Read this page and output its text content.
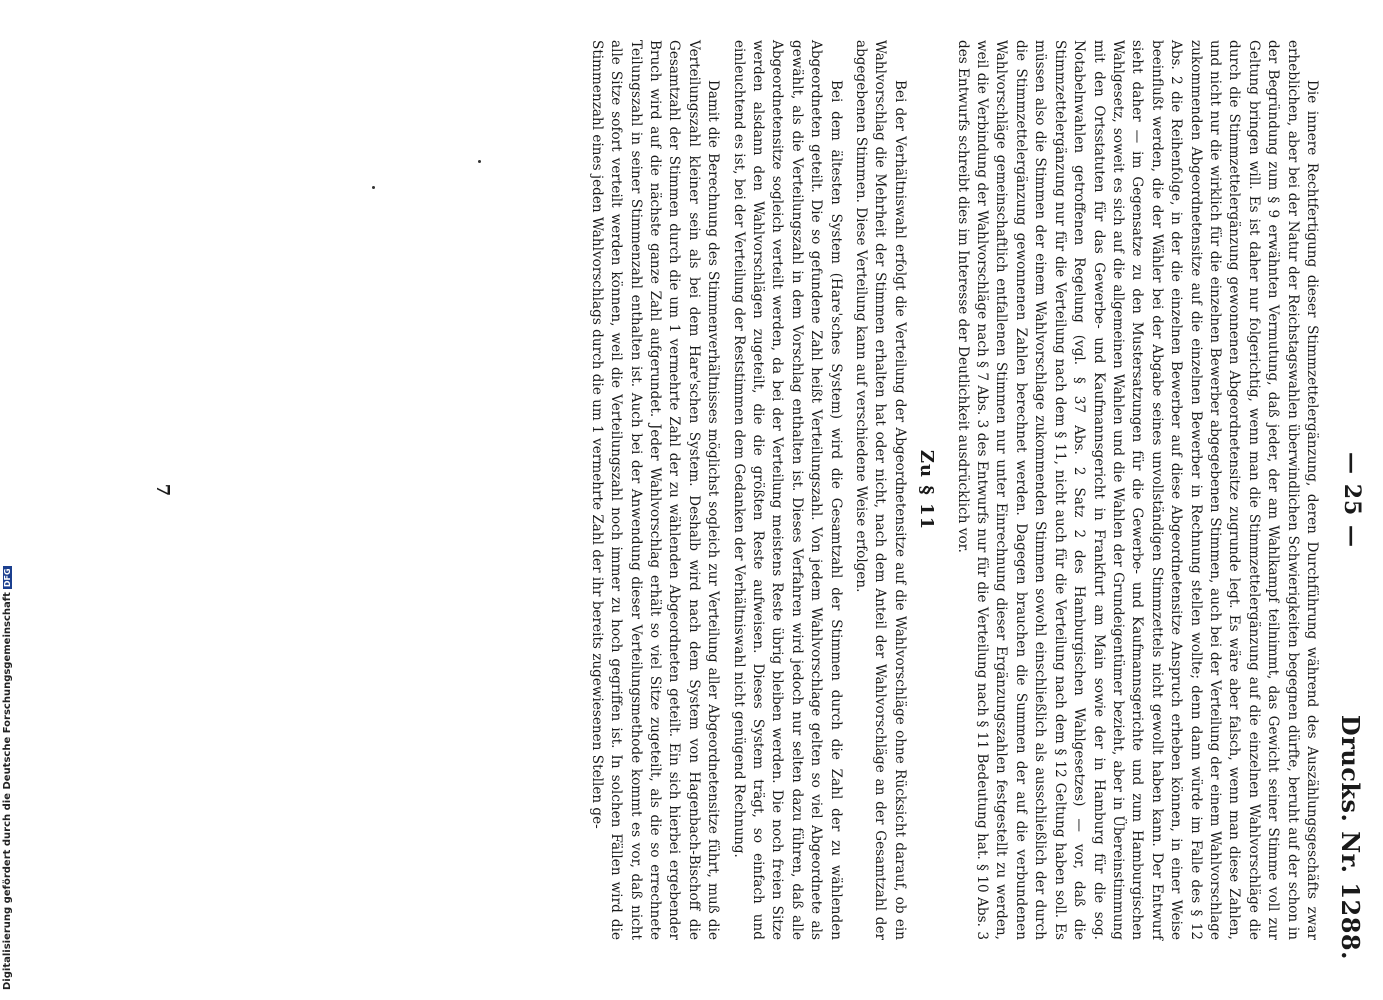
— 25 —
Drucks. Nr. 1288.

Die innere Rechtfertigung dieser Stimmzettelergänzung, deren Durchführung während des Auszählungsgeschäfts zwar erheblichen, aber bei der Natur der Reichstagswahlen überwindlichen Schwierigkeiten begegnen dürfte, beruht auf der schon in der Begründung zum § 9 erwähnten Vermutung, daß jeder, der am Wahlkampf teilnimmt, das Gewicht seiner Stimme voll zur Geltung bringen will. Es ist daher nur folgerichtig, wenn man die Stimmzettelergänzung auf die einzelnen Wahlvorschläge die durch die Stimmzettelergänzung gewonnenen Abgeordnetensitze zugrunde legt. Es wäre aber falsch, wenn man diese Zahlen, und nicht nur die wirklich für die einzelnen Bewerber abgegebenen Stimmen, auch bei der Verteilung der einem Wahlvorschlage zukommenden Abgeordnetensitze auf die einzelnen Bewerber in Rechnung stellen wollte; denn dann würde im Falle des § 12 Abs. 2 die Reihenfolge, in der die einzelnen Bewerber auf diese Abgeordnetensitze Anspruch erheben können, in einer Weise beeinflußt werden, die der Wähler bei der Abgabe seines unvollständigen Stimmzettels nicht gewollt haben kann. Der Entwurf sieht daher — im Gegensatze zu den Mustersatzungen für die Gewerbe- und Kaufmannsgerichte und zum Hamburgischen Wahlgesetz, soweit es sich auf die allgemeinen Wahlen und die Wahlen der Grundeigentümer bezieht, aber in Übereinstimmung mit den Ortsstatuten für das Gewerbe- und Kaufmannsgericht in Frankfurt am Main sowie der in Hamburg für die sog. Notabelnwahlen getroffenen Regelung (vgl. § 37 Abs. 2 Satz 2 des Hamburgischen Wahlgesetzes) — vor, daß die Stimmzettelergänzung nur für die Verteilung nach dem § 11, nicht auch für die Verteilung nach dem § 12 Geltung haben soll. Es müssen also die Stimmen der einem Wahlvorschlage zukommenden Stimmen sowohl einschließlich als ausschließlich der durch die Stimmzettelergänzung gewonnenen Zahlen berechnet werden. Dagegen brauchen die Summen der auf die verbundenen Wahlvorschläge gemeinschaftlich entfallenen Stimmen nur unter Einrechnung dieser Ergänzungszahlen festgestellt zu werden, weil die Verbindung der Wahlvorschläge nach § 7 Abs. 3 des Entwurfs nur für die Verteilung nach § 11 Bedeutung hat. § 10 Abs. 3 des Entwurfs schreibt dies im Interesse der Deutlichkeit ausdrücklich vor.

Zu § 11

Bei der Verhältniswahl erfolgt die Verteilung der Abgeordnetensitze auf die Wahlvorschläge ohne Rücksicht darauf, ob ein Wahlvorschlag die Mehrheit der Stimmen erhalten hat oder nicht, nach dem Anteil der Wahlvorschläge an der Gesamtzahl der abgegebenen Stimmen. Diese Verteilung kann auf verschiedene Weise erfolgen.

Bei dem ältesten System (Hare'sches System) wird die Gesamtzahl der Stimmen durch die Zahl der zu wählenden Abgeordneten geteilt. Die so gefundene Zahl heißt Verteilungszahl. Von jedem Wahlvorschlage gelten so viel Abgeordnete als gewählt, als die Verteilungszahl in dem Vorschlag enthalten ist. Dieses Verfahren wird jedoch nur selten dazu führen, daß alle Abgeordnetensitze sogleich verteilt werden, da bei der Verteilung meistens Reste übrig bleiben werden. Die noch freien Sitze werden alsdann den Wahlvorschlägen zugeteilt, die die größten Reste aufweisen. Dieses System trägt, so einfach und einleuchtend es ist, bei der Verteilung der Reststimmen dem Gedanken der Verhältniswahl nicht genügend Rechnung.

Damit die Berechnung des Stimmenverhältnisses möglichst sogleich zur Verteilung aller Abgeordnetensitze führt, muß die Verteilungszahl kleiner sein als bei dem Hare'schen System. Deshalb wird nach dem System von Hagenbach-Bischoff die Gesamtzahl der Stimmen durch die um 1 vermehrte Zahl der zu wählenden Abgeordneten geteilt. Ein sich hierbei ergebender Bruch wird auf die nächste ganze Zahl aufgerundet. Jeder Wahlvorschlag erhält so viel Sitze zugeteilt, als die so errechnete Teilungszahl in seiner Stimmenzahl enthalten ist. Auch bei der Anwendung dieser Verteilungsmethode kommt es vor, daß nicht alle Sitze sofort verteilt werden können, weil die Verteilungszahl noch immer zu hoch gegriffen ist. In solchen Fällen wird die Stimmenzahl eines jeden Wahlvorschlags durch die um 1 vermehrte Zahl der ihr bereits zugewiesenen Stellen ge-

7
Digitalisierung gefördert durch die Deutsche ForschungsgemeinschaftDFG
